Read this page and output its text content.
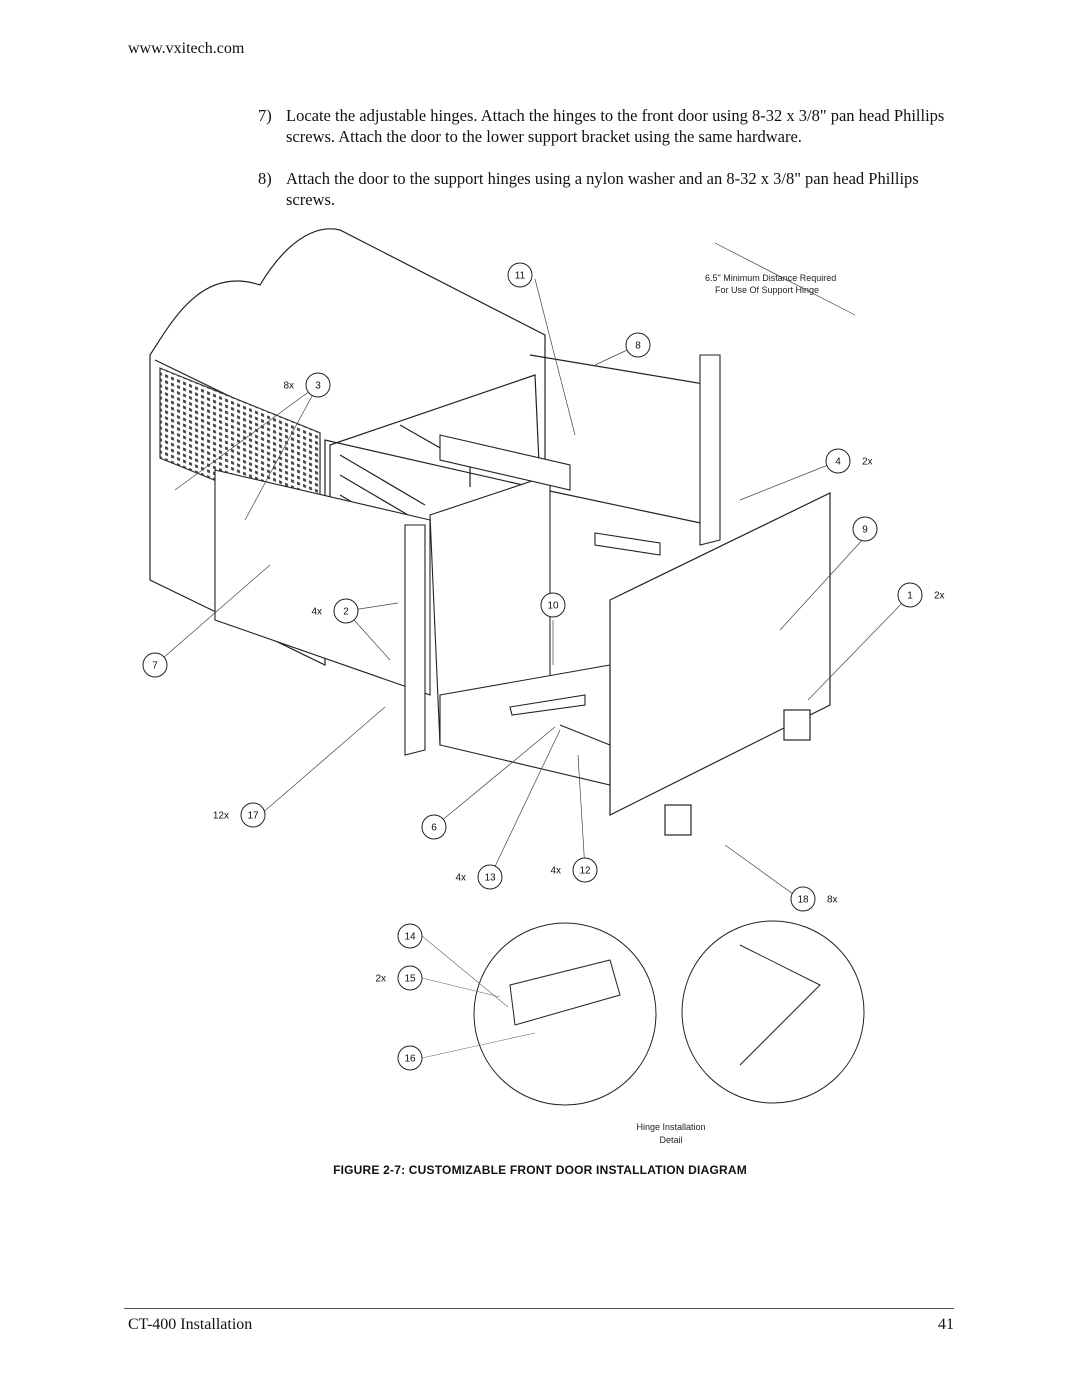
www.vxitech.com
7) Locate the adjustable hinges. Attach the hinges to the front door using 8-32 x 3/8" pan head Phillips screws. Attach the door to the lower support bracket using the same hardware.
8) Attach the door to the support hinges using a nylon washer and an 8-32 x 3/8" pan head Phillips screws.
1 2x
2
4x
3
8x
4 2x
6
7
8
9
10
11
12
4x
13
4x
14
15
2x
16
17
12x
18 8x
6.5" Minimum Distance Required
For Use Of Support Hinge
Hinge Installation
Detail
FIGURE 2-7: CUSTOMIZABLE FRONT DOOR INSTALLATION DIAGRAM
CT-400 Installation	41
